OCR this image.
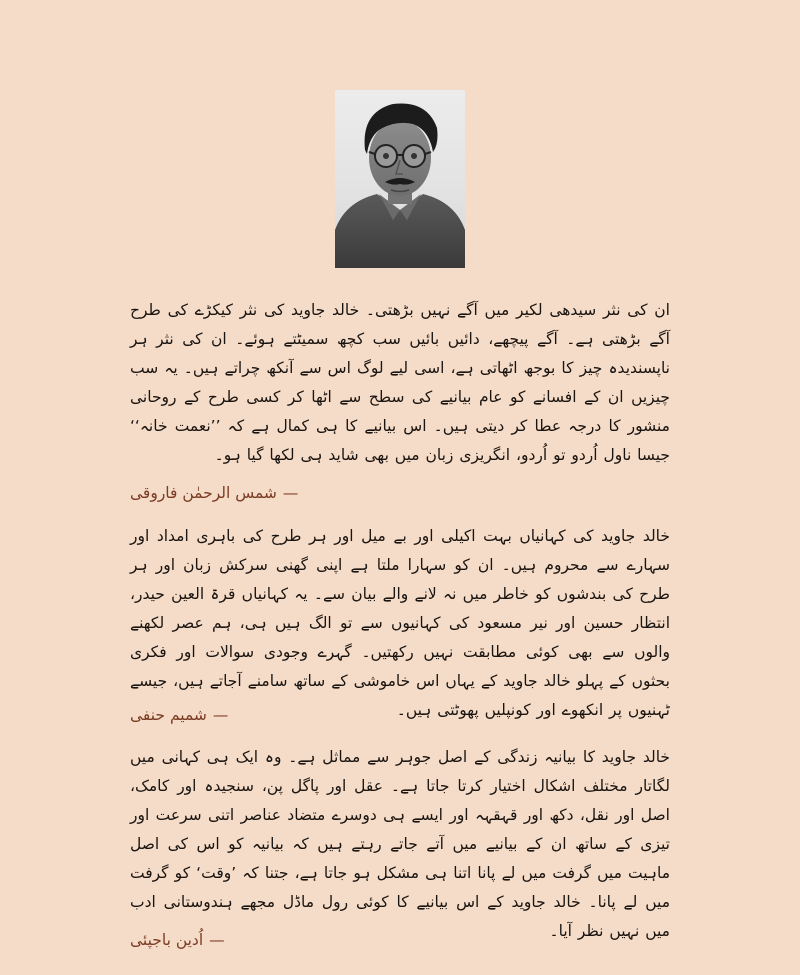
ان کی نثر سیدھی لکیر میں آگے نہیں بڑھتی۔ خالد جاوید کی نثر کیکڑے کی طرح آگے بڑھتی ہے۔ آگے پیچھے، دائیں بائیں سب کچھ سمیٹتے ہوئے۔ ان کی نثر ہر ناپسندیدہ چیز کا بوجھ اٹھاتی ہے، اسی لیے لوگ اس سے آنکھ چراتے ہیں۔ یہ سب چیزیں ان کے افسانے کو عام بیانیے کی سطح سے اٹھا کر کسی طرح کے روحانی منشور کا درجہ عطا کر دیتی ہیں۔ اس بیانیے کا ہی کمال ہے کہ ’’نعمت خانہ‘‘ جیسا ناول اُردو تو اُردو، انگریزی زبان میں بھی شاید ہی لکھا گیا ہو۔
—شمس الرحمٰن فاروقی
خالد جاوید کی کہانیاں بہت اکیلی اور بے میل اور ہر طرح کی باہری امداد اور سہارے سے محروم ہیں۔ ان کو سہارا ملتا ہے اپنی گھنی سرکش زبان اور ہر طرح کی بندشوں کو خاطر میں نہ لانے والے بیان سے۔ یہ کہانیاں قرۃ العین حیدر، انتظار حسین اور نیر مسعود کی کہانیوں سے تو الگ ہیں ہی، ہم عصر لکھنے والوں سے بھی کوئی مطابقت نہیں رکھتیں۔ گہرے وجودی سوالات اور فکری بحثوں کے پہلو خالد جاوید کے یہاں اس خاموشی کے ساتھ سامنے آجاتے ہیں، جیسے ٹہنیوں پر انکھوے اور کونپلیں پھوٹتی ہیں۔
—شمیم حنفی
خالد جاوید کا بیانیہ زندگی کے اصل جوہر سے مماثل ہے۔ وہ ایک ہی کہانی میں لگاتار مختلف اشکال اختیار کرتا جاتا ہے۔ عقل اور پاگل پن، سنجیدہ اور کامک، اصل اور نقل، دکھ اور قہقہہ اور ایسے ہی دوسرے متضاد عناصر اتنی سرعت اور تیزی کے ساتھ ان کے بیانیے میں آتے جاتے رہتے ہیں کہ بیانیہ کو اس کی اصل ماہیت میں گرفت میں لے پانا اتنا ہی مشکل ہو جاتا ہے، جتنا کہ ’وقت‘ کو گرفت میں لے پانا۔ خالد جاوید کے اس بیانیے کا کوئی رول ماڈل مجھے ہندوستانی ادب میں نہیں نظر آیا۔
—اُدین باجپئی
